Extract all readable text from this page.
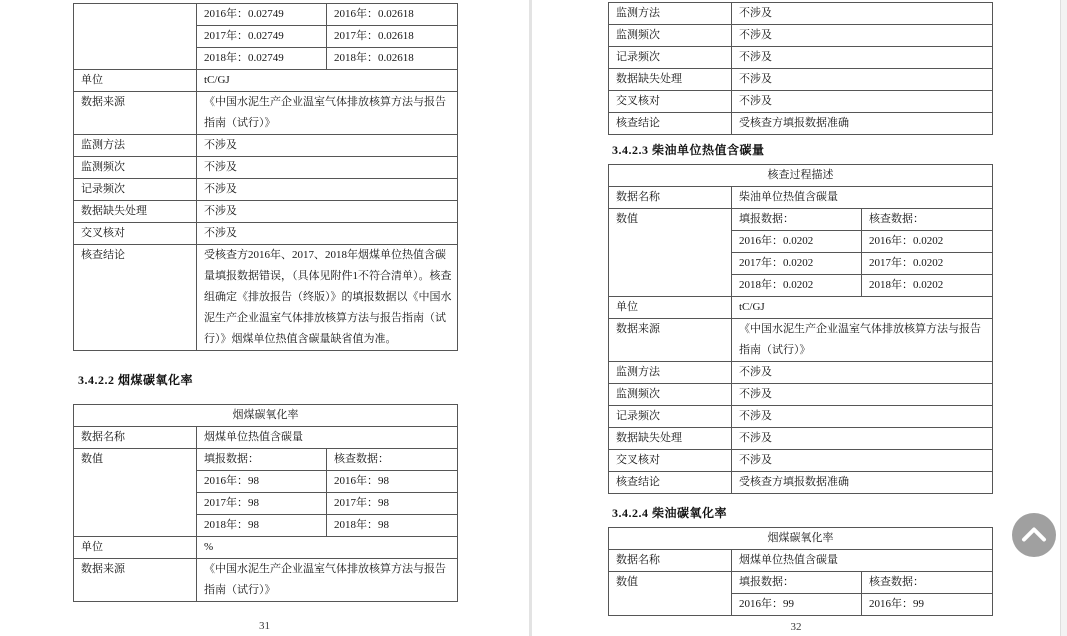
	2016年：0.02749	2016年：0.02618
	2017年：0.02749	2017年：0.02618
	2018年：0.02749	2018年：0.02618
单位	tC/GJ	
数据来源	《中国水泥生产企业温室气体排放核算方法与报告指南（试行）》	
监测方法	不涉及	
监测频次	不涉及	
记录频次	不涉及	
数据缺失处理	不涉及	
交叉核对	不涉及	
核查结论	受核查方2016年、2017、2018年烟煤单位热值含碳量填报数据错误，（具体见附件1不符合清单）。核查组确定《排放报告（终版）》的填报数据以《中国水泥生产企业温室气体排放核算方法与报告指南（试行）》烟煤单位热值含碳量缺省值为准。	
3.4.2.2 烟煤碳氧化率
烟煤碳氧化率		
数据名称	烟煤单位热值含碳量	
数值	填报数据：	核查数据：
	2016年：98	2016年：98
	2017年：98	2017年：98
	2018年：98	2018年：98
单位	%	
数据来源	《中国水泥生产企业温室气体排放核算方法与报告指南（试行）》	
31
监测方法	不涉及
监测频次	不涉及
记录频次	不涉及
数据缺失处理	不涉及
交叉核对	不涉及
核查结论	受核查方填报数据准确
3.4.2.3 柴油单位热值含碳量
核查过程描述		
数据名称	柴油单位热值含碳量	
数值	填报数据：	核查数据：
	2016年：0.0202	2016年：0.0202
	2017年：0.0202	2017年：0.0202
	2018年：0.0202	2018年：0.0202
单位	tC/GJ	
数据来源	《中国水泥生产企业温室气体排放核算方法与报告指南（试行）》	
监测方法	不涉及	
监测频次	不涉及	
记录频次	不涉及	
数据缺失处理	不涉及	
交叉核对	不涉及	
核查结论	受核查方填报数据准确	
3.4.2.4 柴油碳氧化率
烟煤碳氧化率		
数据名称	烟煤单位热值含碳量	
数值	填报数据：	核查数据：
	2016年：99	2016年：99
32
